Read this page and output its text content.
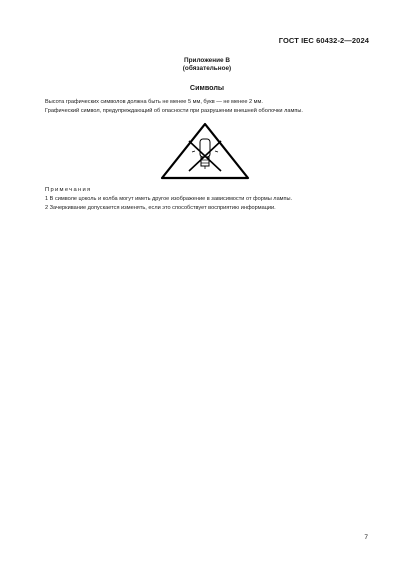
ГОСТ IEC 60432-2—2024
Приложение В
(обязательное)
Символы
Высота графических символов должна быть не менее 5 мм, букв — не менее 2 мм.
Графический символ, предупреждающий об опасности при разрушении внешней оболочки лампы.
Примечания
1 В символе цоколь и колба могут иметь другое изображение в зависимости от формы лампы.
2 Зачеркивание допускается изменять, если это способствует восприятию информации.
7
